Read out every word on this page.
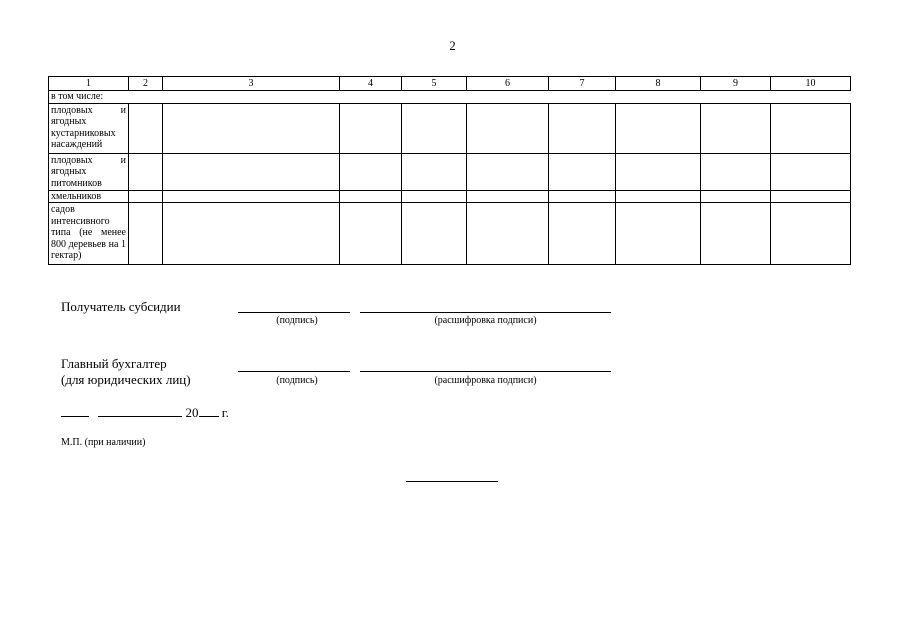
2
1	2	3	4	5	6	7	8	9	10
в том числе:									
плодовых и ягодных кустарниковых насаждений									
плодовых и ягодных питомников									
хмельников									
садов интенсивного типа (не менее 800 деревьев на 1 гектар)									
Получатель субсидии
(подпись)	(расшифровка подписи)
Главный бухгалтер
(для юридических лиц)	(подпись)	(расшифровка подписи)
20 г.
М.П. (при наличии)
